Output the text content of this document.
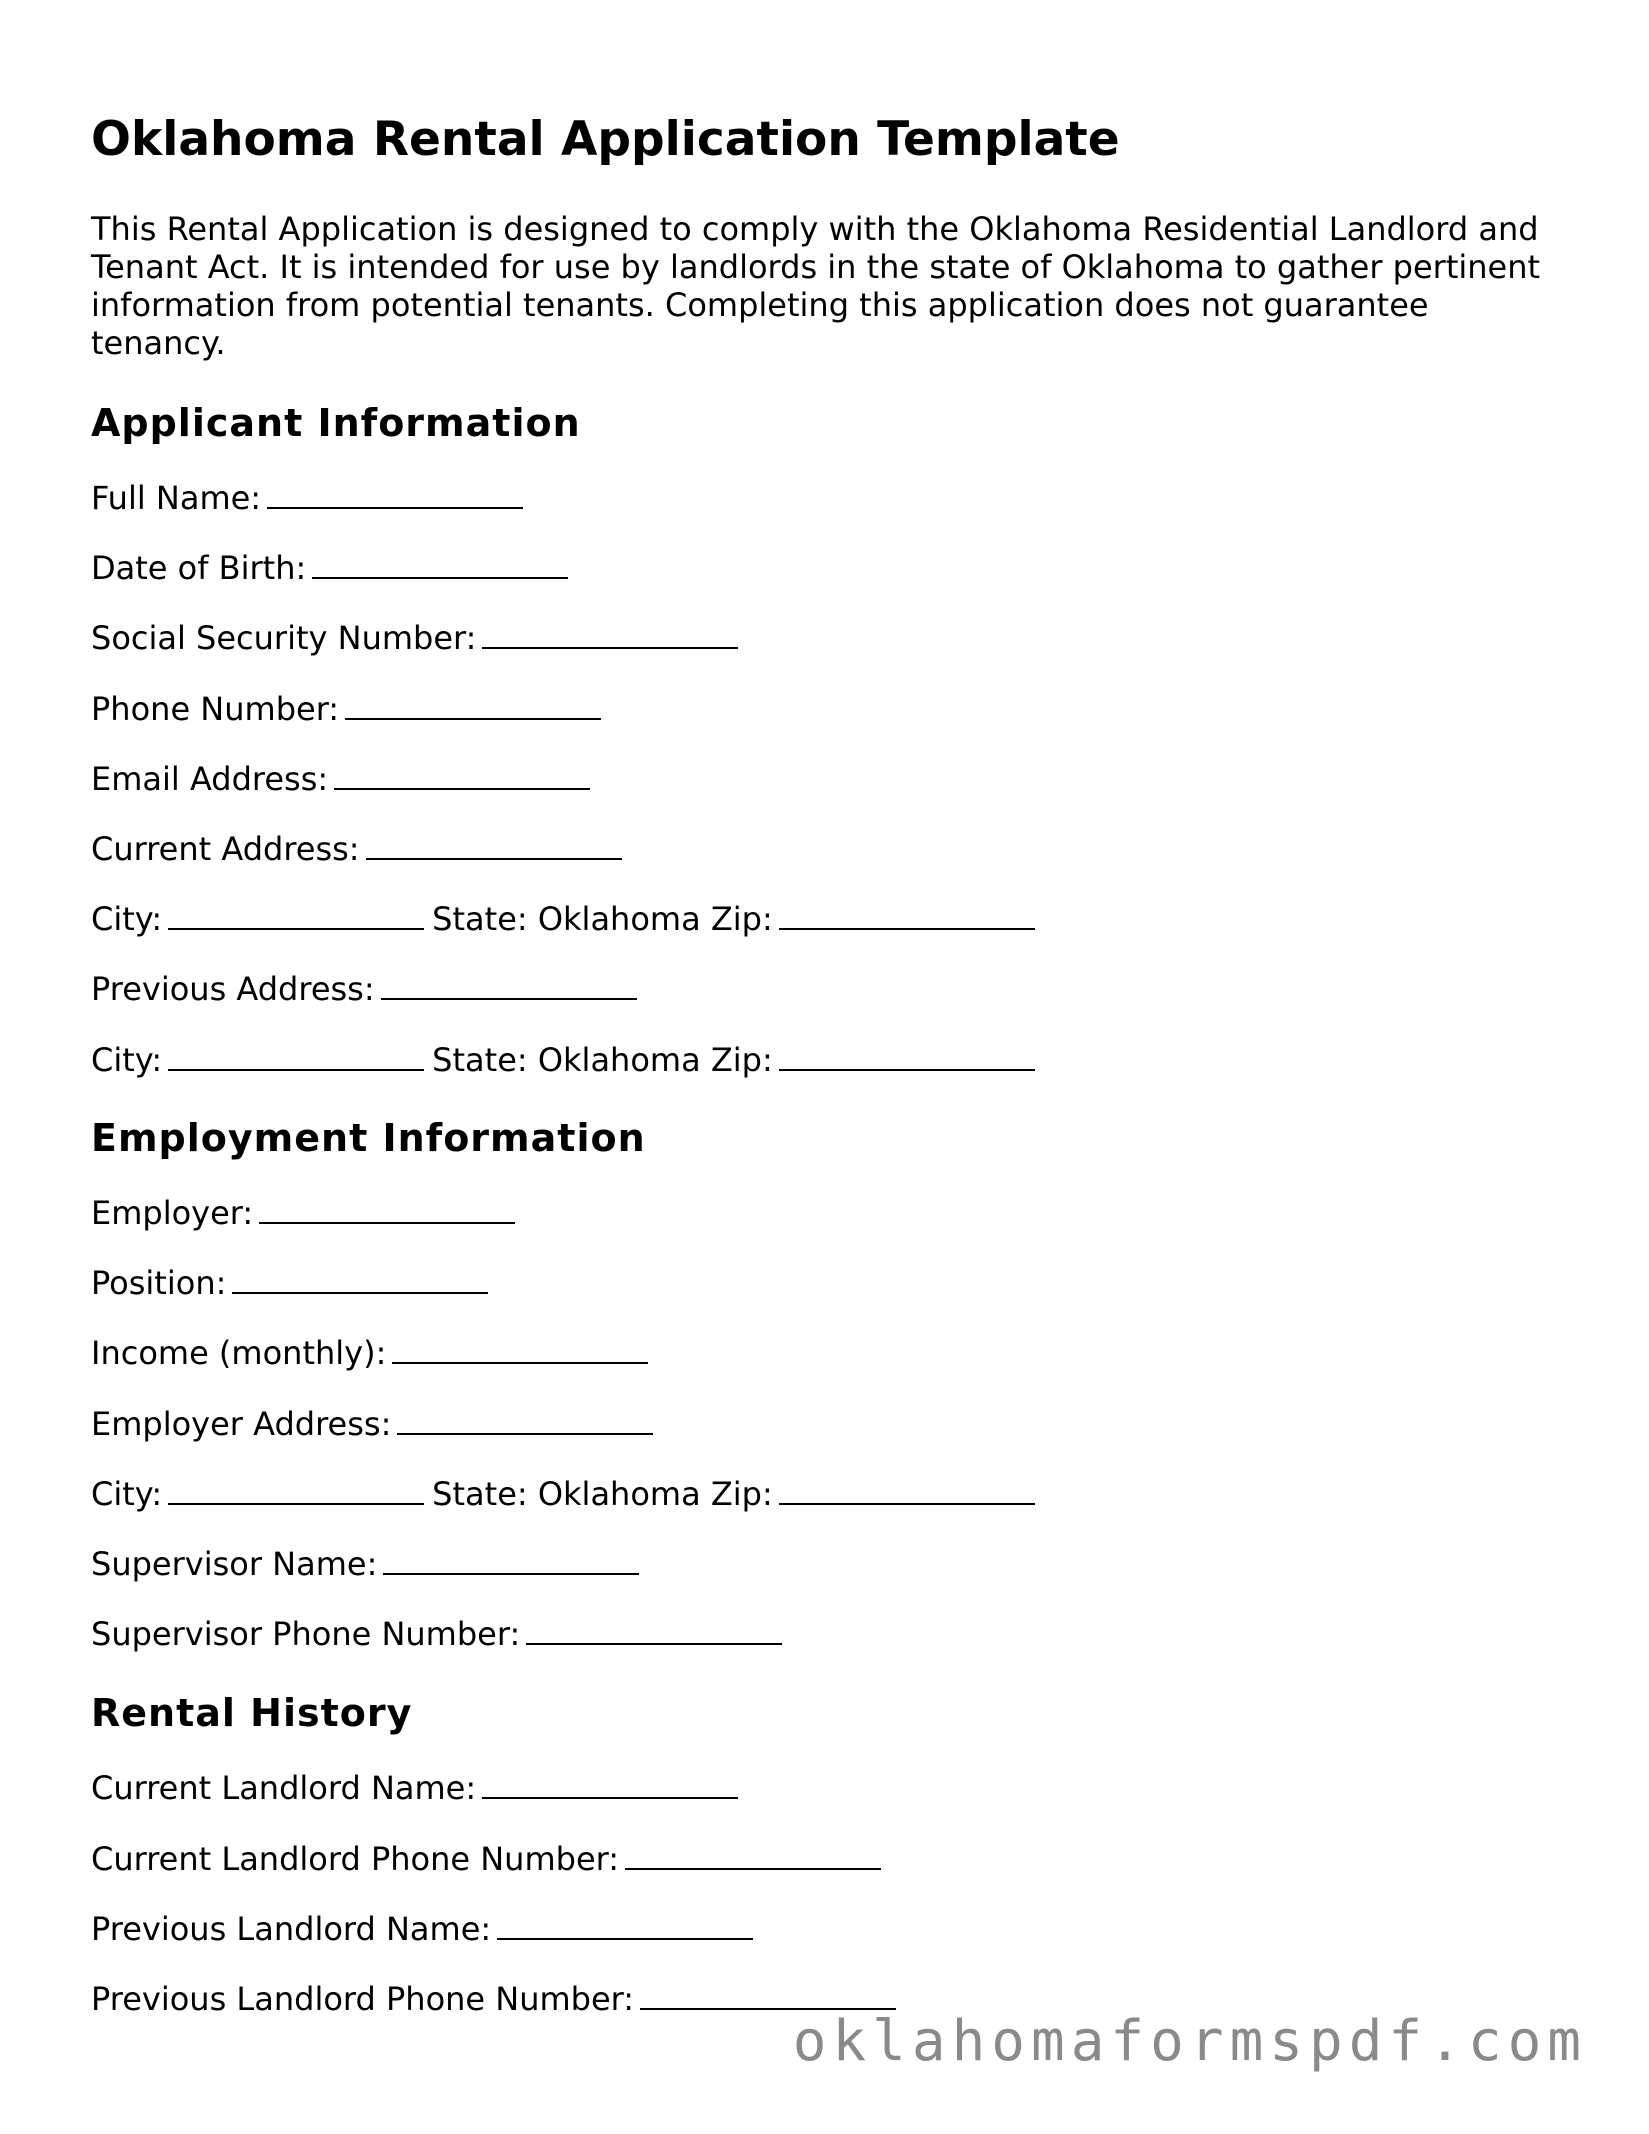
Oklahoma Rental Application Template

This Rental Application is designed to comply with the Oklahoma Residential Landlord and Tenant Act. It is intended for use by landlords in the state of Oklahoma to gather pertinent information from potential tenants. Completing this application does not guarantee tenancy.

Applicant Information
Full Name:
Date of Birth:
Social Security Number:
Phone Number:
Email Address:
Current Address:
City:	State: Oklahoma Zip:
Previous Address:
City:	State: Oklahoma Zip:
Employment Information
Employer:
Position:
Income (monthly):
Employer Address:
City:	State: Oklahoma Zip:
Supervisor Name:
Supervisor Phone Number:
Rental History
Current Landlord Name:
Current Landlord Phone Number:
Previous Landlord Name:
Previous Landlord Phone Number:
oklahomaformspdf.com
